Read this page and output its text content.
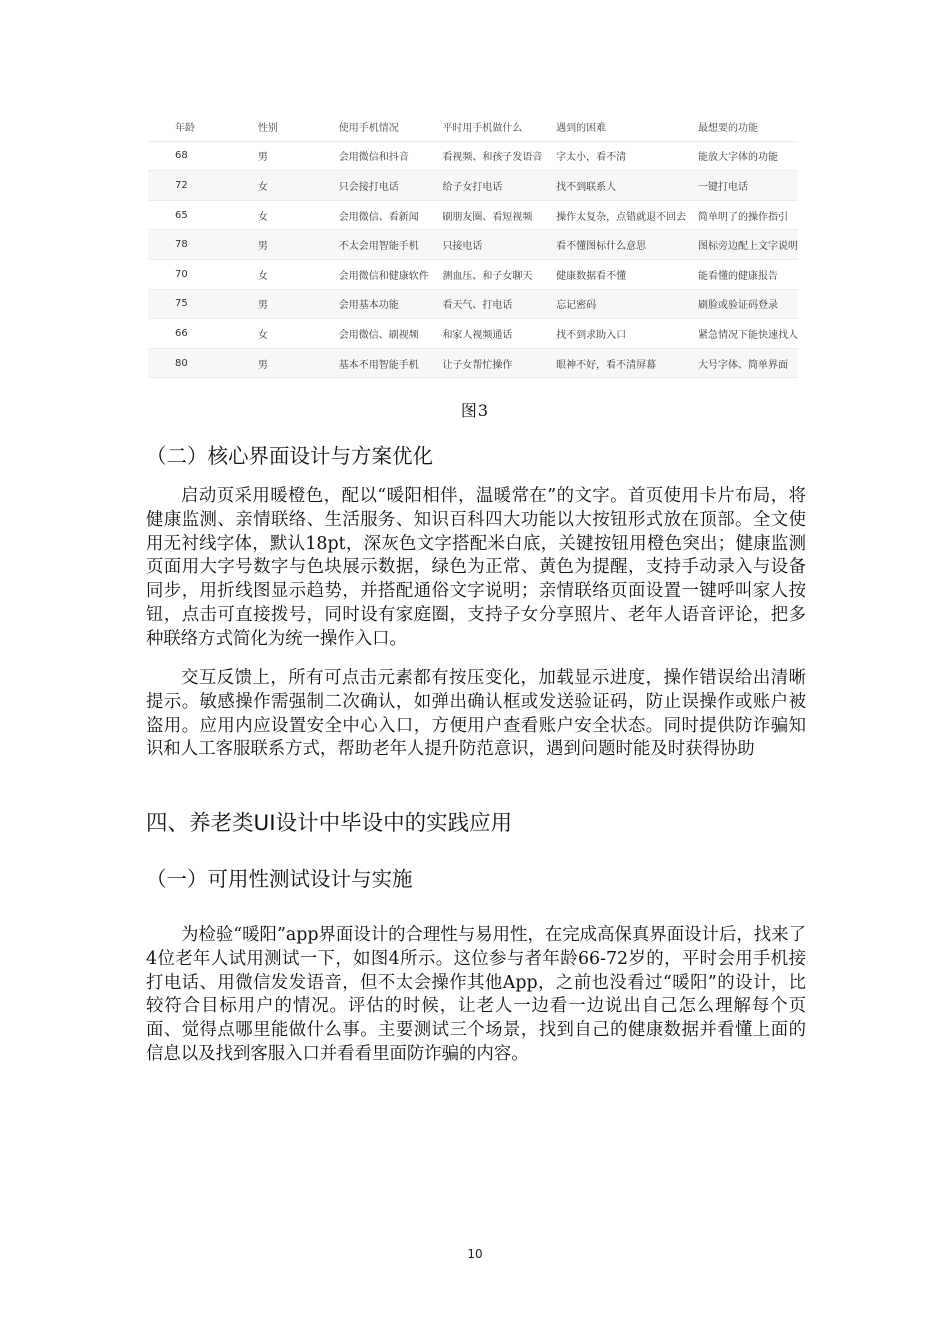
年龄	性别	使用手机情况	平时用手机做什么	遇到的困难	最想要的功能
68	男	会用微信和抖音	看视频、和孩子发语音	字太小，看不清	能放大字体的功能
72	女	只会接打电话	给子女打电话	找不到联系人	一键打电话
65	女	会用微信、看新闻	刷朋友圈、看短视频	操作太复杂，点错就退不回去	简单明了的操作指引
78	男	不太会用智能手机	只接电话	看不懂图标什么意思	图标旁边配上文字说明
70	女	会用微信和健康软件	测血压、和子女聊天	健康数据看不懂	能看懂的健康报告
75	男	会用基本功能	看天气、打电话	忘记密码	刷脸或验证码登录
66	女	会用微信、刷视频	和家人视频通话	找不到求助入口	紧急情况下能快速找人
80	男	基本不用智能手机	让子女帮忙操作	眼神不好，看不清屏幕	大号字体、简单界面
图3
（二）核心界面设计与方案优化

启动页采用暖橙色，配以“暖阳相伴，温暖常在”的文字。首页使用卡片布局，将健康监测、亲情联络、生活服务、知识百科四大功能以大按钮形式放在顶部。全文使用无衬线字体，默认18pt，深灰色文字搭配米白底，关键按钮用橙色突出；健康监测页面用大字号数字与色块展示数据，绿色为正常、黄色为提醒，支持手动录入与设备同步，用折线图显示趋势，并搭配通俗文字说明；亲情联络页面设置一键呼叫家人按钮，点击可直接拨号，同时设有家庭圈，支持子女分享照片、老年人语音评论，把多种联络方式简化为统一操作入口。

交互反馈上，所有可点击元素都有按压变化，加载显示进度，操作错误给出清晰提示。敏感操作需强制二次确认，如弹出确认框或发送验证码，防止误操作或账户被盗用。应用内应设置安全中心入口，方便用户查看账户安全状态。同时提供防诈骗知识和人工客服联系方式，帮助老年人提升防范意识，遇到问题时能及时获得协助

四、养老类UI设计中毕设中的实践应用
（一）可用性测试设计与实施

为检验“暖阳”app界面设计的合理性与易用性，在完成高保真界面设计后，找来了4位老年人试用测试一下，如图4所示。这位参与者年龄66-72岁的，平时会用手机接打电话、用微信发发语音，但不太会操作其他App，之前也没看过“暖阳”的设计，比较符合目标用户的情况。评估的时候，让老人一边看一边说出自己怎么理解每个页面、觉得点哪里能做什么事。主要测试三个场景，找到自己的健康数据并看懂上面的信息以及找到客服入口并看看里面防诈骗的内容。

10
